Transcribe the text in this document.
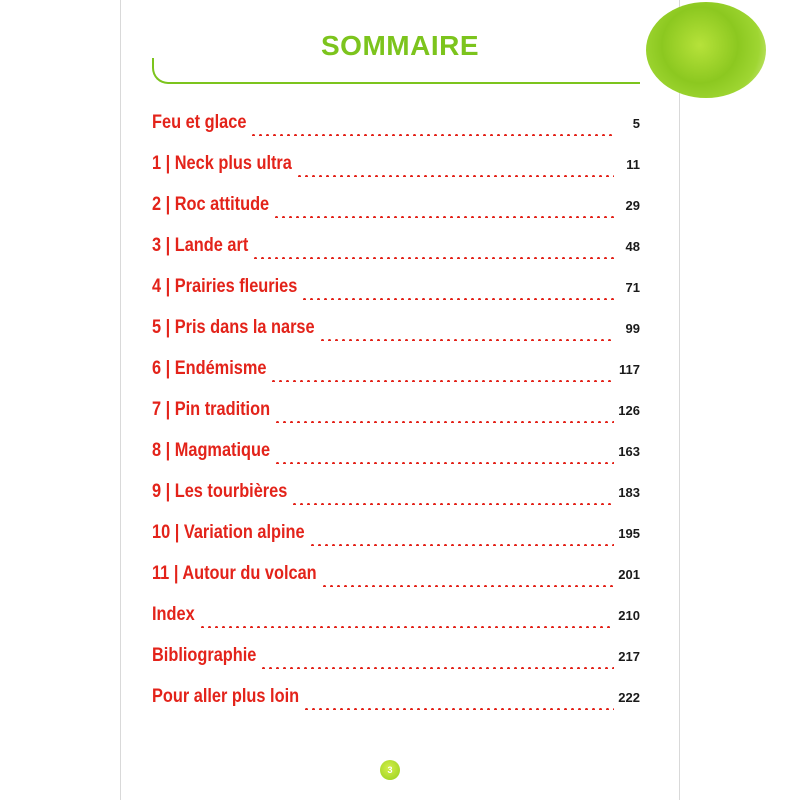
SOMMAIRE
Feu et glace	5
1 | Neck plus ultra	11
2 | Roc attitude	29
3 | Lande art	48
4 | Prairies fleuries	71
5 | Pris dans la narse	99
6 | Endémisme	117
7 | Pin tradition	126
8 | Magmatique	163
9 | Les tourbières	183
10 | Variation alpine	195
11 | Autour du volcan	201
Index	210
Bibliographie	217
Pour aller plus loin	222
3
